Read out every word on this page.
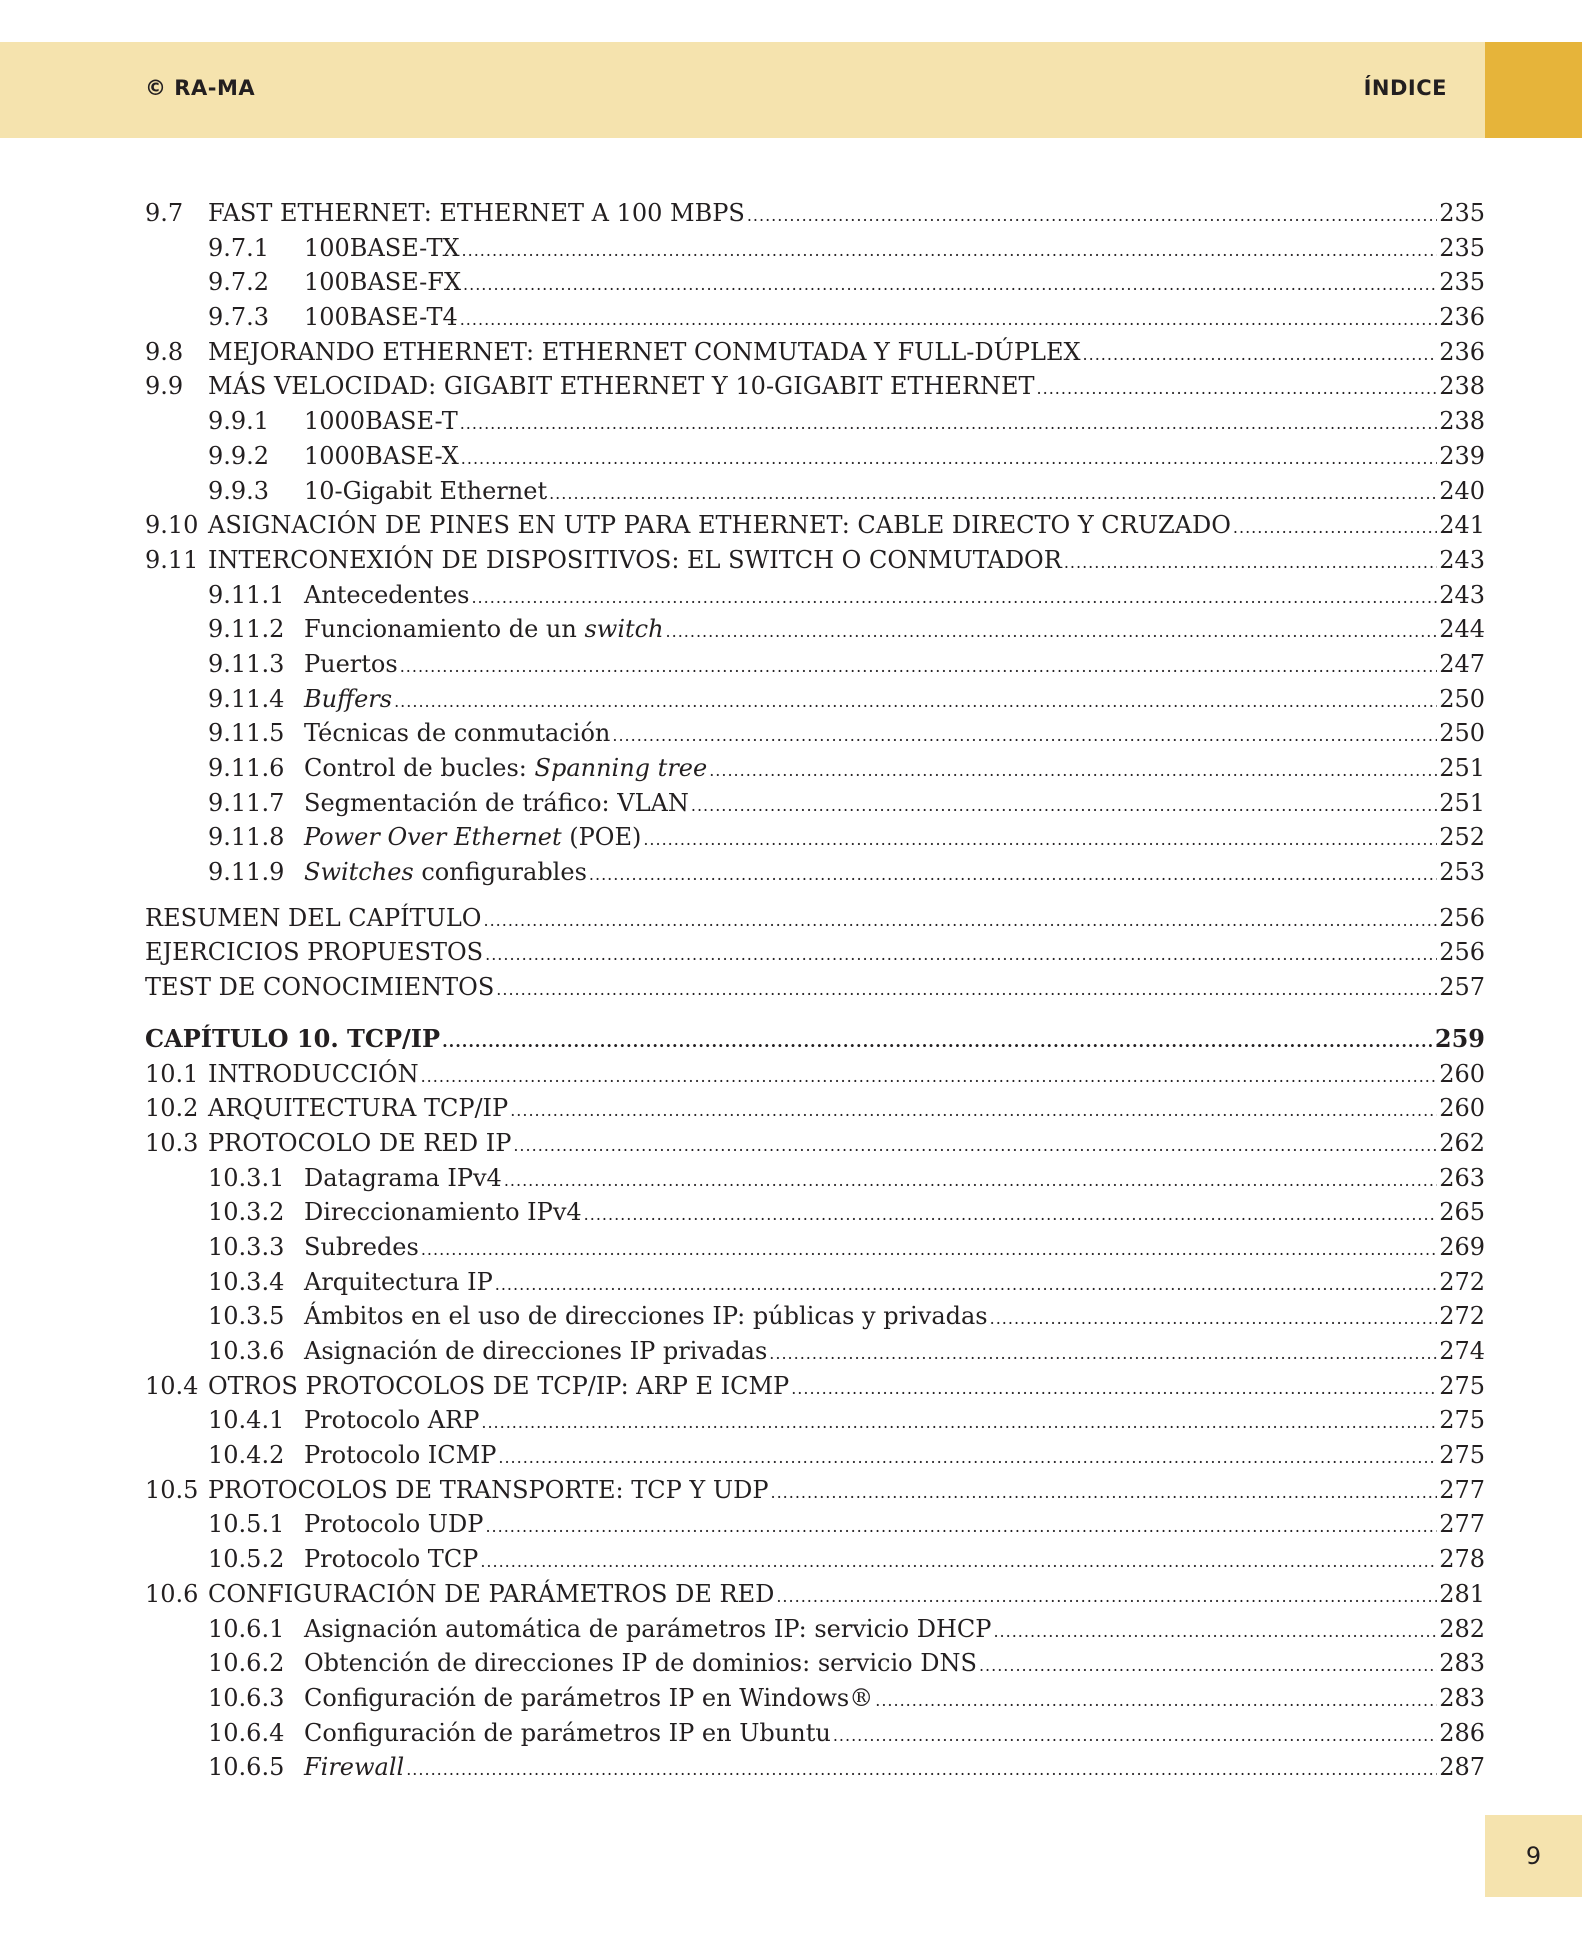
© RA-MA	ÍNDICE
9.7	FAST ETHERNET: ETHERNET A 100 MBPS .....	235
9.7.1	100BASE-TX .....	235
9.7.2	100BASE-FX .....	235
9.7.3	100BASE-T4 .....	236
9.8	MEJORANDO ETHERNET: ETHERNET CONMUTADA Y FULL-DÚPLEX .....	236
9.9	MÁS VELOCIDAD: GIGABIT ETHERNET Y 10-GIGABIT ETHERNET .....	238
9.9.1	1000BASE-T .....	238
9.9.2	1000BASE-X .....	239
9.9.3	10-Gigabit Ethernet .....	240
9.10 ASIGNACIÓN DE PINES EN UTP PARA ETHERNET: CABLE DIRECTO Y CRUZADO .....	241
9.11 INTERCONEXIÓN DE DISPOSITIVOS: EL SWITCH O CONMUTADOR .....	243
9.11.1 Antecedentes .....	243
9.11.2 Funcionamiento de un switch .....	244
9.11.3 Puertos .....	247
9.11.4 Buffers .....	250
9.11.5 Técnicas de conmutación .....	250
9.11.6 Control de bucles: Spanning tree .....	251
9.11.7 Segmentación de tráfico: VLAN .....	251
9.11.8 Power Over Ethernet (POE) .....	252
9.11.9 Switches configurables .....	253
RESUMEN DEL CAPÍTULO .....	256
EJERCICIOS PROPUESTOS .....	256
TEST DE CONOCIMIENTOS .....	257
CAPÍTULO 10. TCP/IP .....	259
10.1 INTRODUCCIÓN .....	260
10.2 ARQUITECTURA TCP/IP .....	260
10.3 PROTOCOLO DE RED IP .....	262
10.3.1 Datagrama IPv4 .....	263
10.3.2 Direccionamiento IPv4 .....	265
10.3.3 Subredes .....	269
10.3.4 Arquitectura IP .....	272
10.3.5 Ámbitos en el uso de direcciones IP: públicas y privadas .....	272
10.3.6 Asignación de direcciones IP privadas .....	274
10.4 OTROS PROTOCOLOS DE TCP/IP: ARP E ICMP .....	275
10.4.1 Protocolo ARP .....	275
10.4.2 Protocolo ICMP .....	275
10.5 PROTOCOLOS DE TRANSPORTE: TCP Y UDP .....	277
10.5.1 Protocolo UDP .....	277
10.5.2 Protocolo TCP .....	278
10.6 CONFIGURACIÓN DE PARÁMETROS DE RED .....	281
10.6.1 Asignación automática de parámetros IP: servicio DHCP .....	282
10.6.2 Obtención de direcciones IP de dominios: servicio DNS .....	283
10.6.3 Configuración de parámetros IP en Windows® .....	283
10.6.4 Configuración de parámetros IP en Ubuntu .....	286
10.6.5 Firewall .....	287
9
